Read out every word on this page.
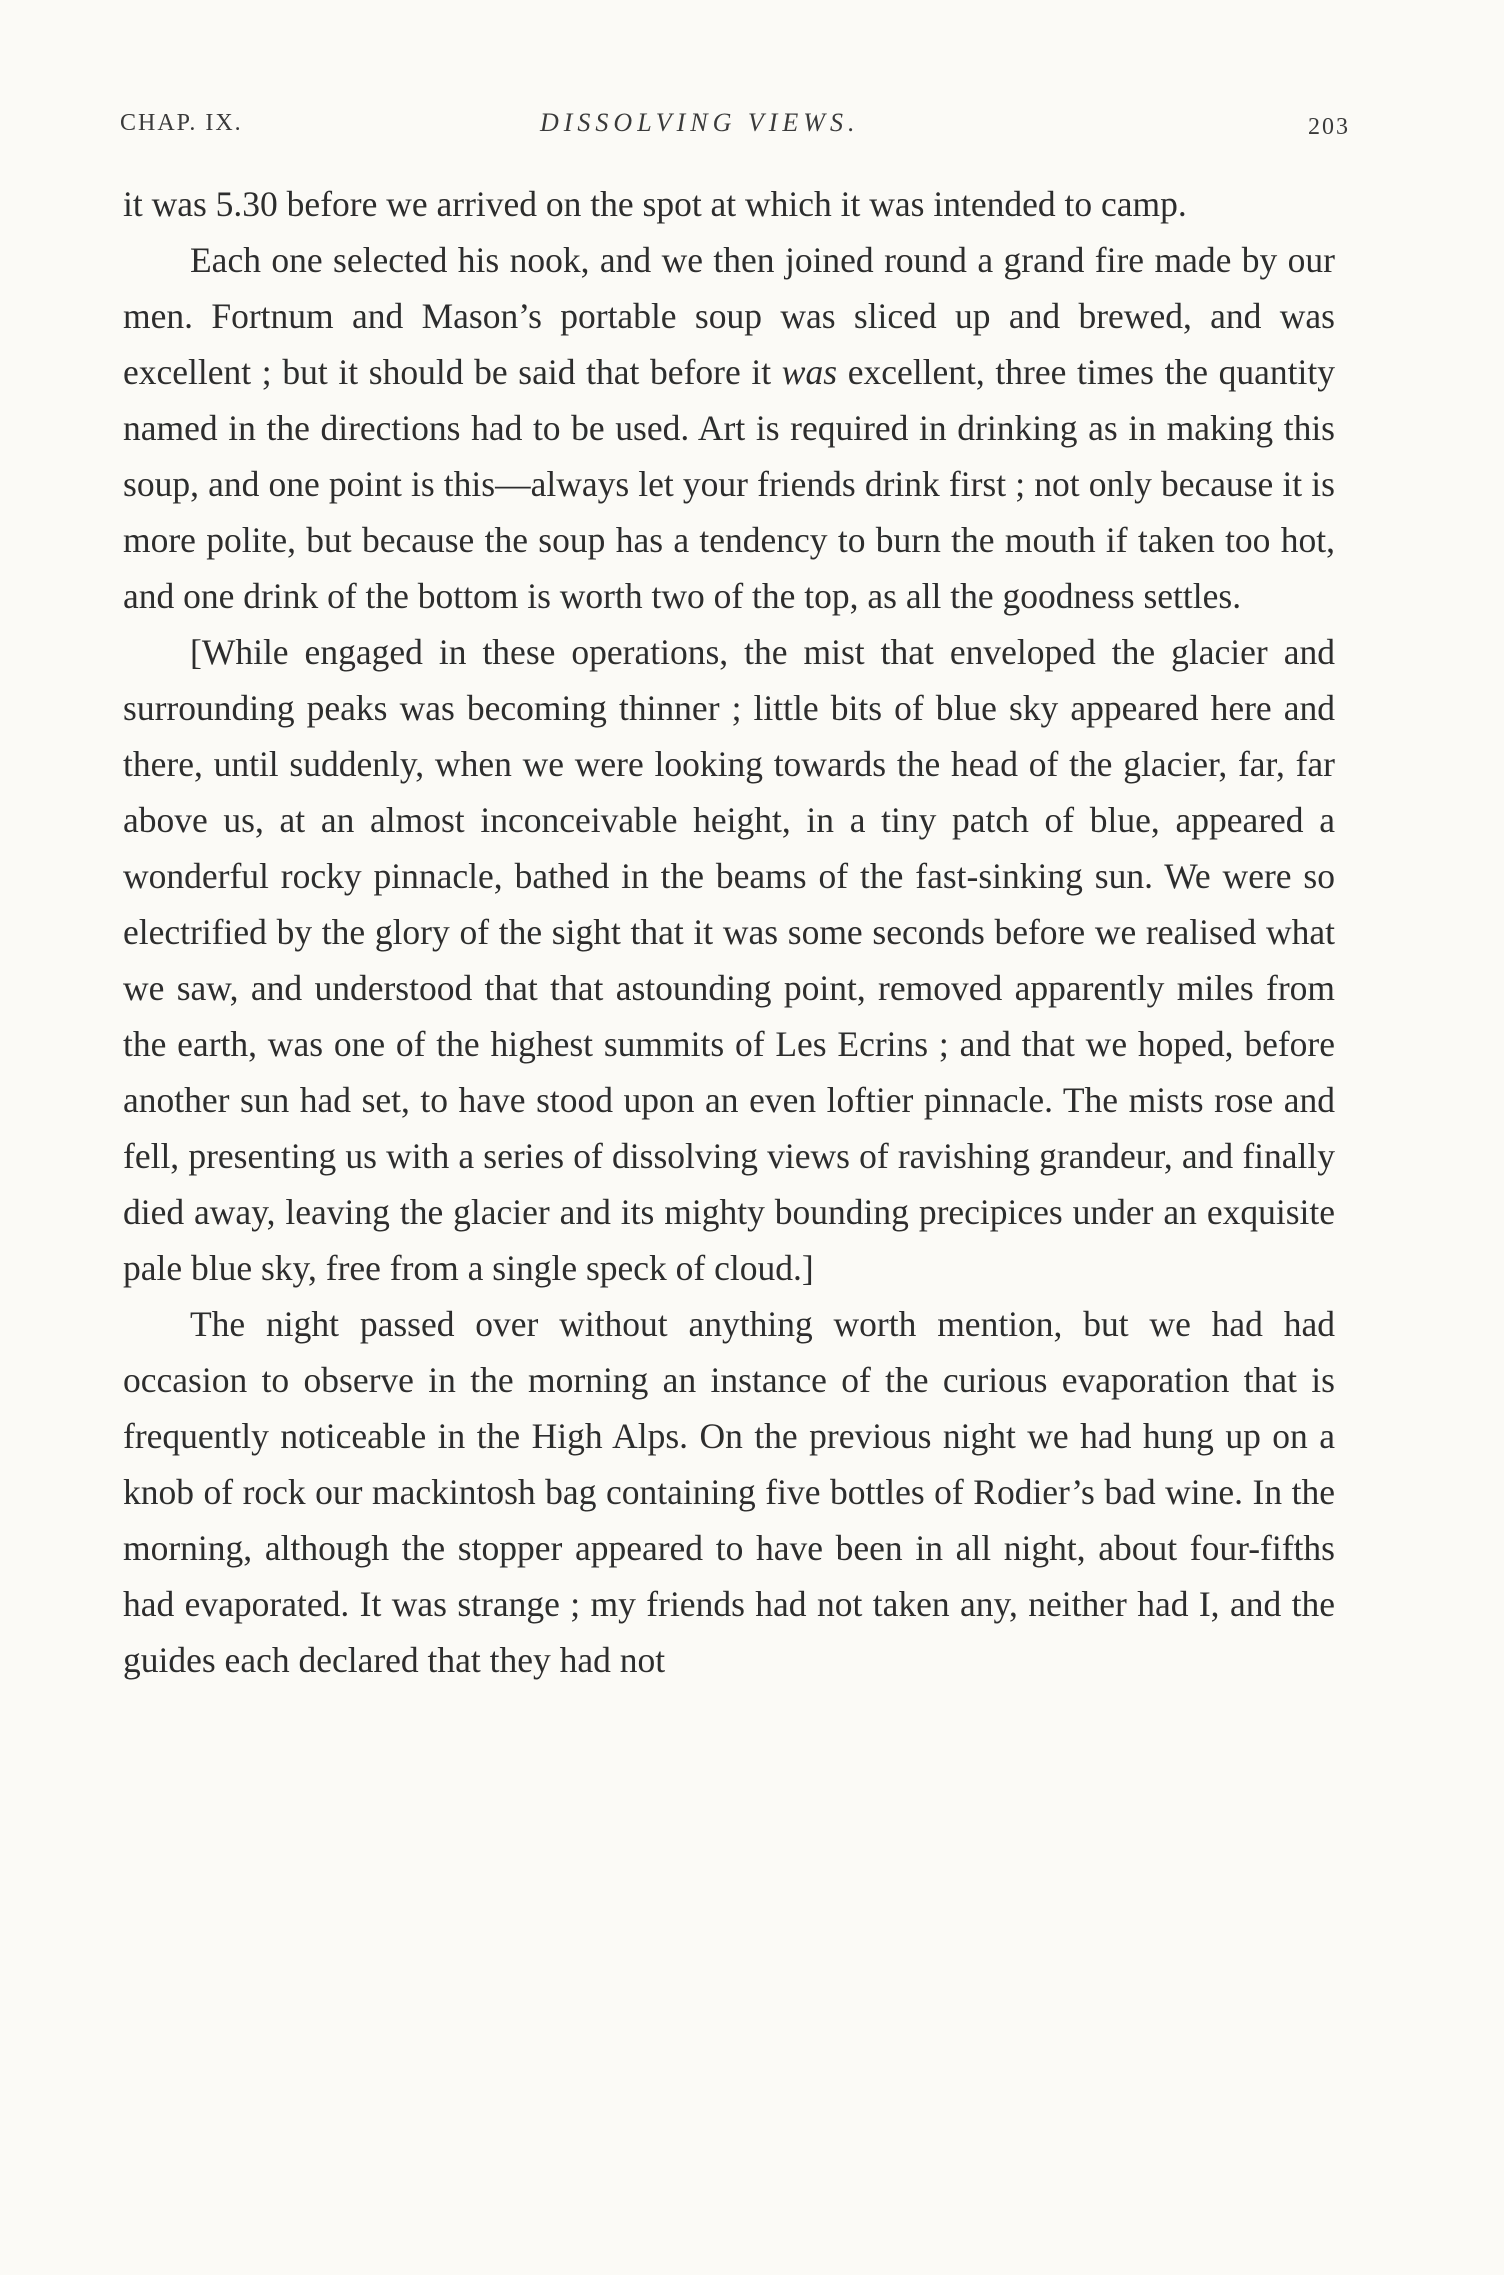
CHAP. IX.	DISSOLVING VIEWS.	203

it was 5.30 before we arrived on the spot at which it was intended to camp.

Each one selected his nook, and we then joined round a grand fire made by our men. Fortnum and Mason’s portable soup was sliced up and brewed, and was excellent ; but it should be said that before it was excellent, three times the quantity named in the directions had to be used. Art is required in drinking as in making this soup, and one point is this—always let your friends drink first ; not only because it is more polite, but because the soup has a tendency to burn the mouth if taken too hot, and one drink of the bottom is worth two of the top, as all the goodness settles.

[While engaged in these operations, the mist that enveloped the glacier and surrounding peaks was becoming thinner ; little bits of blue sky appeared here and there, until suddenly, when we were looking towards the head of the glacier, far, far above us, at an almost inconceivable height, in a tiny patch of blue, appeared a wonderful rocky pinnacle, bathed in the beams of the fast-sinking sun. We were so electrified by the glory of the sight that it was some seconds before we realised what we saw, and understood that that astounding point, removed apparently miles from the earth, was one of the highest summits of Les Ecrins ; and that we hoped, before another sun had set, to have stood upon an even loftier pinnacle. The mists rose and fell, presenting us with a series of dissolving views of ravishing grandeur, and finally died away, leaving the glacier and its mighty bounding precipices under an exquisite pale blue sky, free from a single speck of cloud.]

The night passed over without anything worth mention, but we had had occasion to observe in the morning an instance of the curious evaporation that is frequently noticeable in the High Alps. On the previous night we had hung up on a knob of rock our mackintosh bag containing five bottles of Rodier’s bad wine. In the morning, although the stopper appeared to have been in all night, about four-fifths had evaporated. It was strange ; my friends had not taken any, neither had I, and the guides each declared that they had not
